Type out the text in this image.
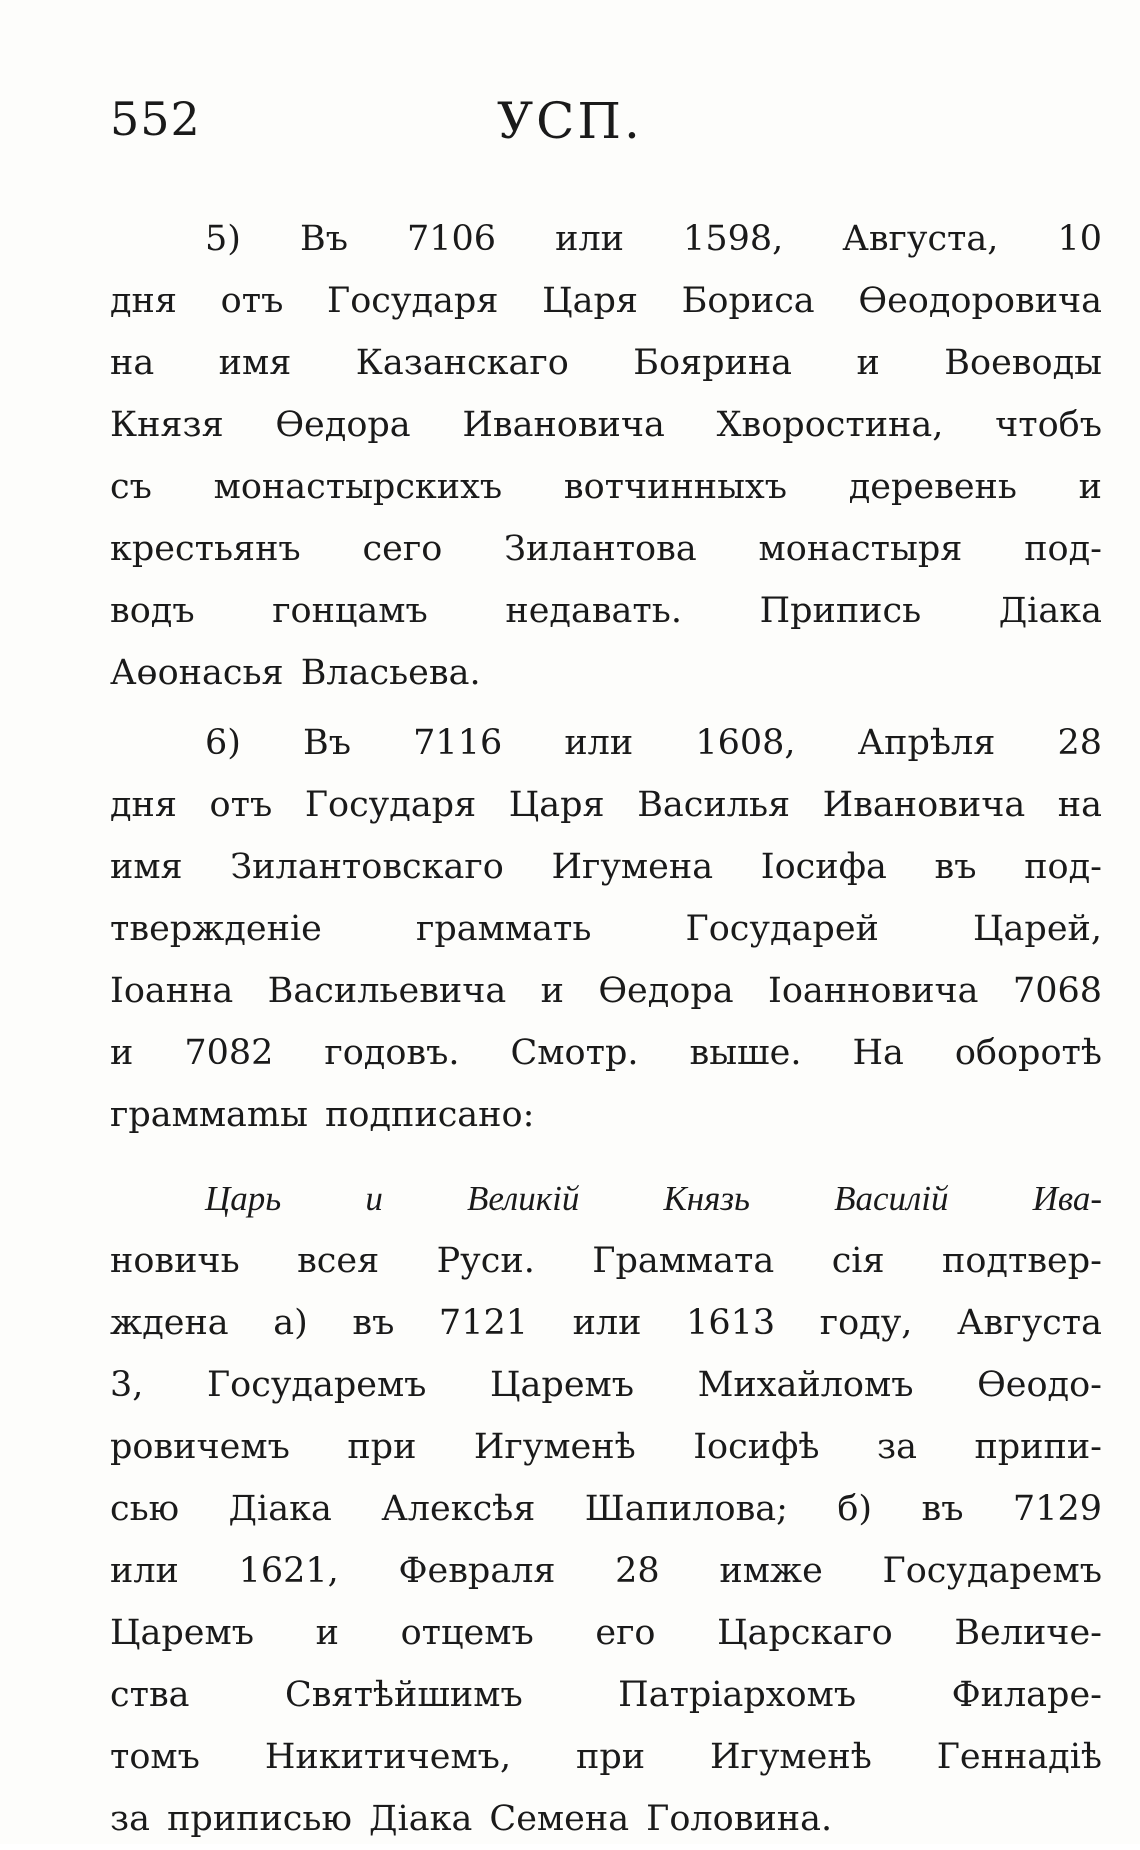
552	УСП.
5) Въ 7106 или 1598, Августа, 10
дня отъ Государя Царя Бориса Өеодоровича
на имя Казанскаго Боярина и Воеводы
Князя Өедора Ивановича Хворостина, чтобъ
съ монастырскихъ вотчинныхъ деревень и
крестьянъ сего Зилантова монастыря под-
водъ гонцамъ недавать. Припись Діака
Аөонасья Власьева.
6) Въ 7116 или 1608, Апрѣля 28
дня отъ Государя Царя Василья Ивановича на
имя Зилантовскаго Игумена Іосифа въ под-
твержденіе граммать Государей Царей,
Іоанна Васильевича и Өедора Іоанновича 7068
и 7082 годовъ. Смотр. выше. На оборотѣ
граммаmы подписано:
Царь и Великій Князь Василій Ива-
новичь всея Руси. Граммата сія подтвер-
ждена а) въ 7121 или 1613 году, Августа
3, Государемъ Царемъ Михайломъ Өеодо-
ровичемъ при Игуменѣ Іосифѣ за припи-
сью Діака Алексѣя Шапилова; б) въ 7129
или 1621, Февраля 28 имже Государемъ
Царемъ и отцемъ его Царскаго Величе-
ства Святѣйшимъ Патріархомъ Филаре-
томъ Никитичемъ, при Игуменѣ Геннадіѣ
за приписью Діака Семена Головина.
